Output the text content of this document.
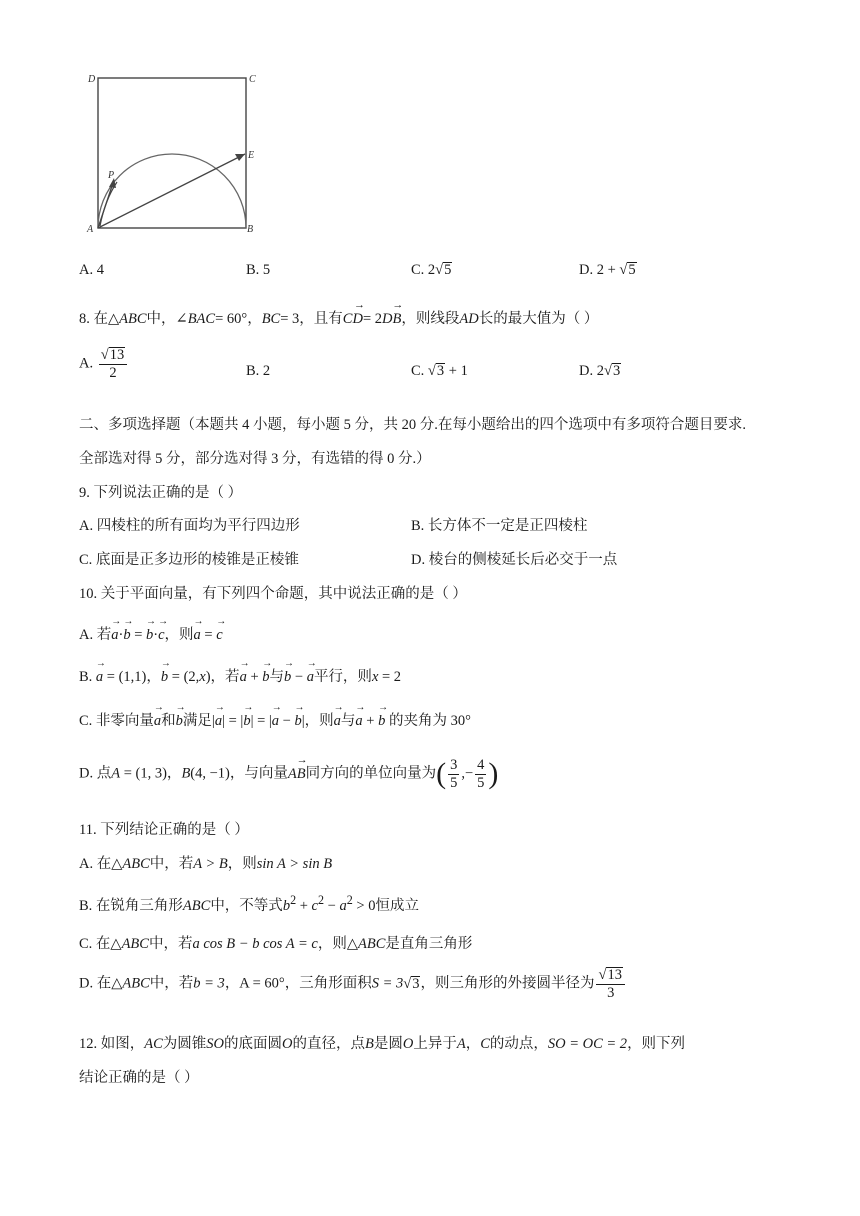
D	C
E
P
A	B
A. 4	B. 5	C. 2√5	D. 2 + √5
8. 在△ABC中，∠BAC= 60°，BC= 3，且有→ CD= 2→ DB，则线段AD长的最大值为（ ）
A. $\frac{√13}{2}$	B. 2	C. √3 + 1	D. 2√3
二、多项选择题（本题共 4 小题，每小题 5 分，共 20 分.在每小题给出的四个选项中有多项符合题目要求.
全部选对得 5 分，部分选对得 3 分，有选错的得 0 分.）
9. 下列说法正确的是（ ）
A. 四棱柱的所有面均为平行四边形	B. 长方体不一定是正四棱柱
C. 底面是正多边形的棱锥是正棱锥	D. 棱台的侧棱延长后必交于一点
10. 关于平面向量，有下列四个命题，其中说法正确的是（ ）
A. 若→ a·→ b = → b·→ c，则→ a = → c
B. → a = (1,1)，→ b = (2,x)，若→ a + → b与→ b − → a平行，则x = 2
C. 非零向量→ a和→ b满足|→ a| = |→ b| = |→ a − → b|，则→ a与→ a + → b 的夹角为 30°
D. 点A = (1, 3)，B(4, −1)，与向量→ AB同方向的单位向量为( $\frac{3}{5}$ ,− $\frac{4}{5}$ )
11. 下列结论正确的是（ ）
A. 在△ABC中，若A > B，则sin A > sin B
B. 在锐角三角形ABC中，不等式$b^2 + c^2 - a^2 > 0$恒成立
C. 在△ABC中，若a cos B − b cos A = c，则△ABC是直角三角形
D. 在△ABC中，若b = 3，A = 60°，三角形面积S = 3√3，则三角形的外接圆半径为 $\frac{√13}{3}$
12. 如图，AC为圆锥SO的底面圆O的直径，点B是圆O上异于A，C的动点，SO = OC = 2，则下列
结论正确的是（ ）
